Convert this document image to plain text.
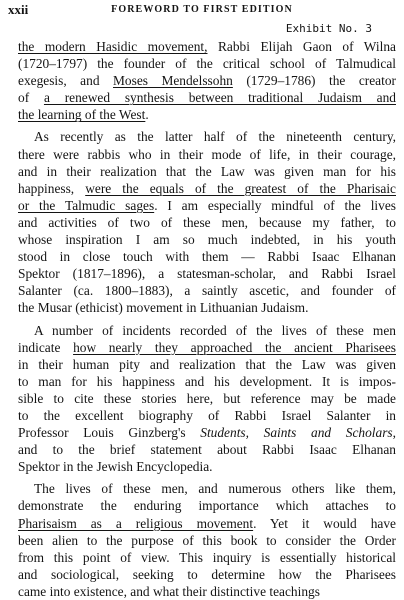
xxii	FOREWORD TO FIRST EDITION
Exhibit No. 3
the modern Hasidic movement, Rabbi Elijah Gaon of Wilna
(1720–1797) the founder of the critical school of Talmudical
exegesis, and Moses Mendelssohn (1729–1786) the creator
of a renewed synthesis between traditional Judaism and
the learning of the West.
As recently as the latter half of the nineteenth century,
there were rabbis who in their mode of life, in their courage,
and in their realization that the Law was given man for his
happiness, were the equals of the greatest of the Pharisaic
or the Talmudic sages. I am especially mindful of the lives
and activities of two of these men, because my father, to
whose inspiration I am so much indebted, in his youth
stood in close touch with them — Rabbi Isaac Elhanan
Spektor (1817–1896), a statesman-scholar, and Rabbi Israel
Salanter (ca. 1800–1883), a saintly ascetic, and founder of
the Musar (ethicist) movement in Lithuanian Judaism.
A number of incidents recorded of the lives of these men
indicate how nearly they approached the ancient Pharisees
in their human pity and realization that the Law was given
to man for his happiness and his development. It is impos-
sible to cite these stories here, but reference may be made
to the excellent biography of Rabbi Israel Salanter in
Professor Louis Ginzberg's Students, Saints and Scholars,
and to the brief statement about Rabbi Isaac Elhanan
Spektor in the Jewish Encyclopedia.
The lives of these men, and numerous others like them,
demonstrate the enduring importance which attaches to
Pharisaism as a religious movement. Yet it would have
been alien to the purpose of this book to consider the Order
from this point of view. This inquiry is essentially historical
and sociological, seeking to determine how the Pharisees
came into existence, and what their distinctive teachings
